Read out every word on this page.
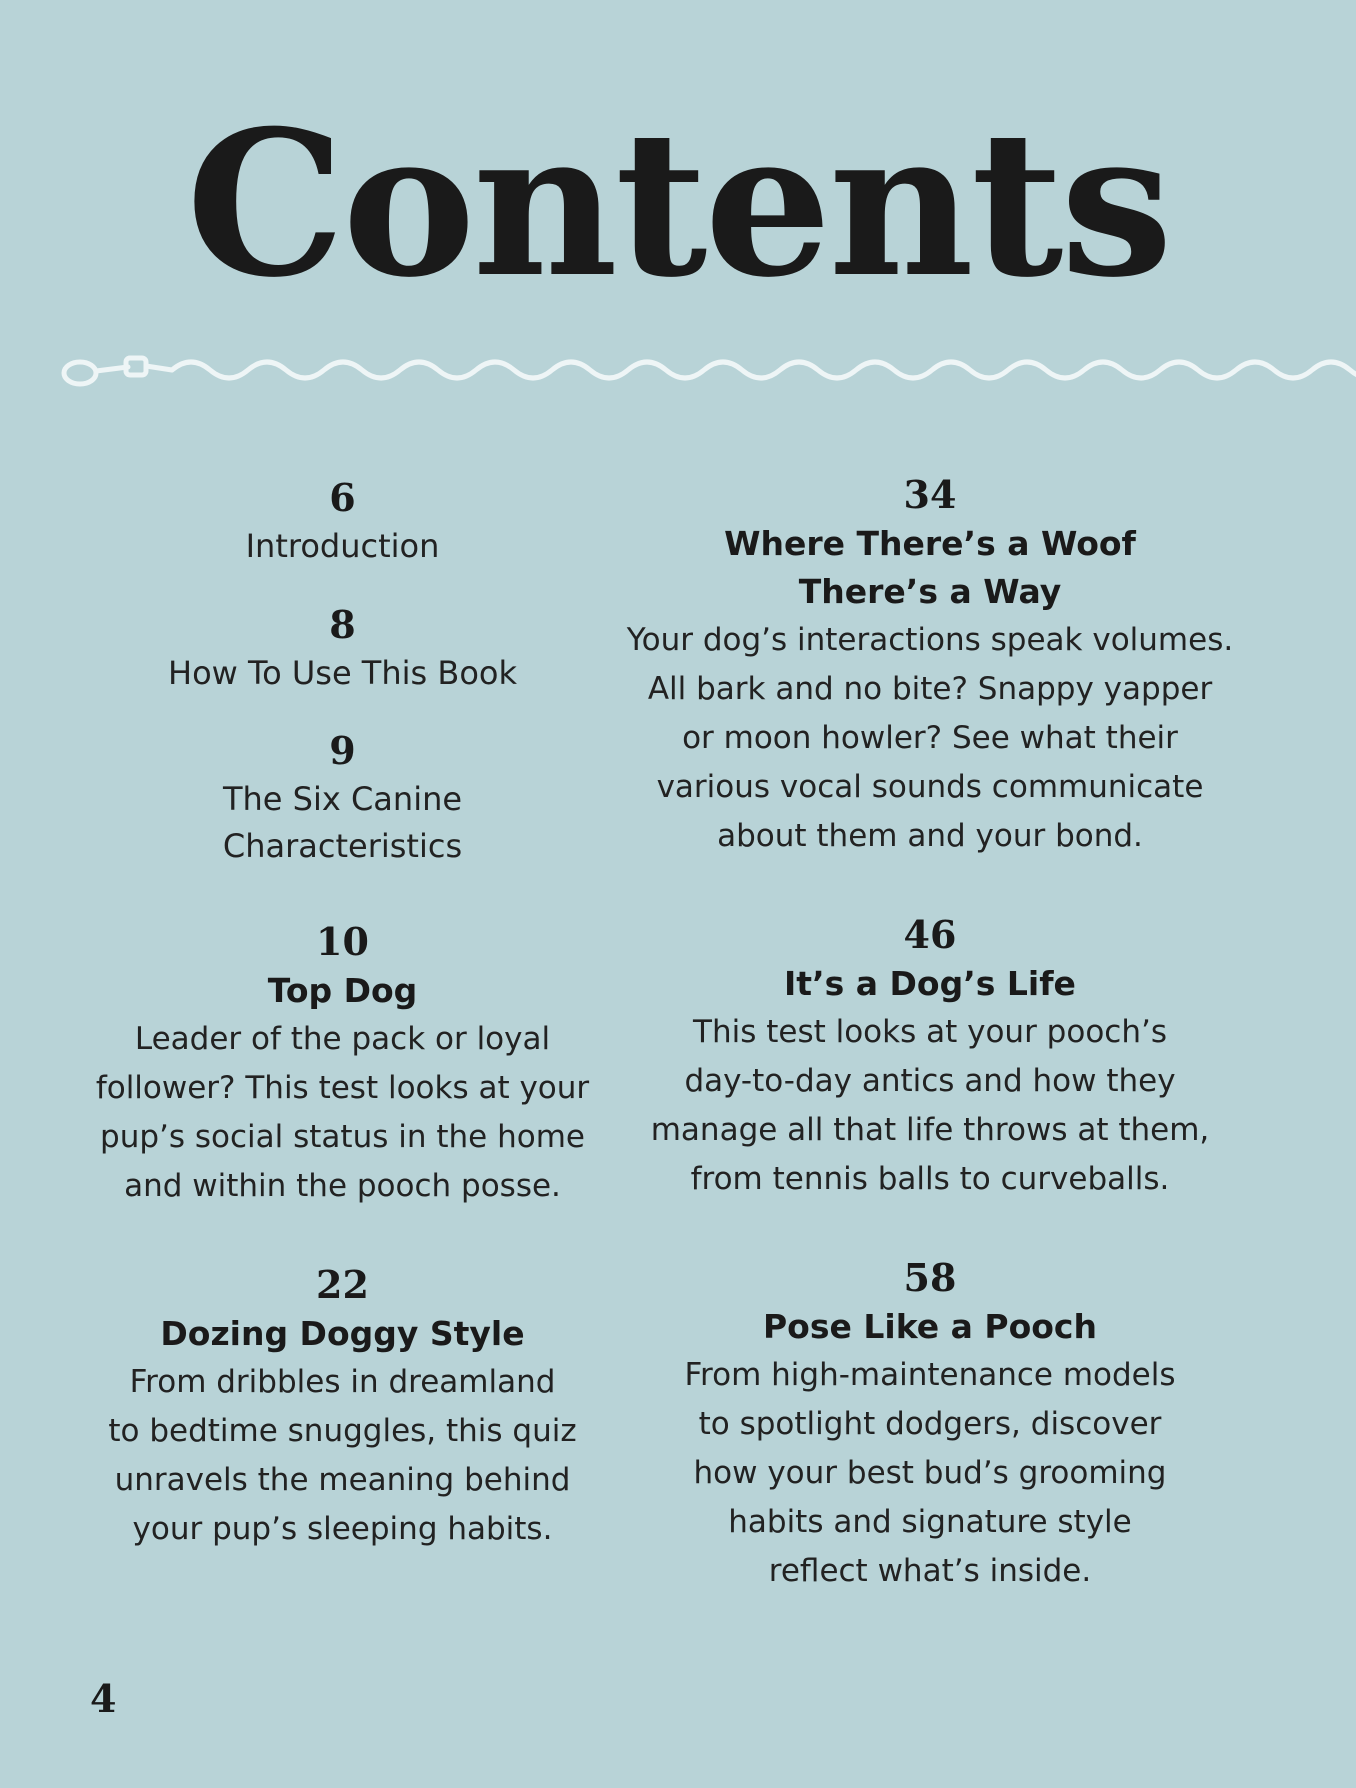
Contents
6
Introduction
8
How To Use This Book
9
The Six Canine
Characteristics
10
Top Dog

Leader of the pack or loyal
follower? This test looks at your
pup’s social status in the home
and within the pooch posse.

22
Dozing Doggy Style

From dribbles in dreamland
to bedtime snuggles, this quiz
unravels the meaning behind
your pup’s sleeping habits.

34
Where There’s a Woof
There’s a Way

Your dog’s interactions speak volumes.
All bark and no bite? Snappy yapper
or moon howler? See what their
various vocal sounds communicate
about them and your bond.

46
It’s a Dog’s Life

This test looks at your pooch’s
day-to-day antics and how they
manage all that life throws at them,
from tennis balls to curveballs.

58
Pose Like a Pooch

From high-maintenance models
to spotlight dodgers, discover
how your best bud’s grooming
habits and signature style
reflect what’s inside.

4
